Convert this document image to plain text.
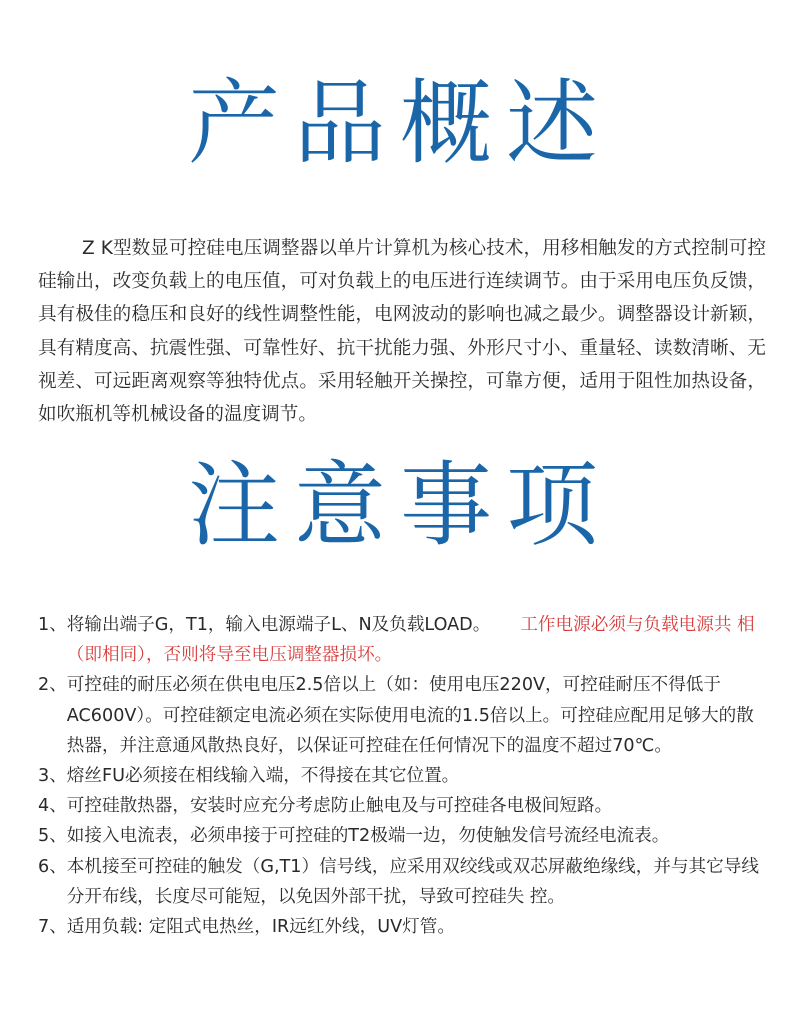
产品概述

Z K型数显可控硅电压调整器以单片计算机为核心技术，用移相触发的方式控制可控硅输出，改变负载上的电压值，可对负载上的电压进行连续调节。由于采用电压负反馈，具有极佳的稳压和良好的线性调整性能，电网波动的影响也减之最少。调整器设计新颖，具有精度高、抗震性强、可靠性好、抗干扰能力强、外形尺寸小、重量轻、读数清晰、无视差、可远距离观察等独特优点。采用轻触开关操控，可靠方便，适用于阻性加热设备，如吹瓶机等机械设备的温度调节。

注意事项
1、 将输出端子G，T1，输入电源端子L、N及负载LOAD。 工作电源必须与负载电源共 相（即相同），否则将导至电压调整器损坏。
2、 可控硅的耐压必须在供电电压2.5倍以上（如：使用电压220V，可控硅耐压不得低于AC600V）。可控硅额定电流必须在实际使用电流的1.5倍以上。可控硅应配用足够大的散热器，并注意通风散热良好，以保证可控硅在任何情况下的温度不超过70℃。
3、 熔丝FU必须接在相线输入端，不得接在其它位置。
4、 可控硅散热器，安装时应充分考虑防止触电及与可控硅各电极间短路。
5、 如接入电流表，必须串接于可控硅的T2极端一边，勿使触发信号流经电流表。
6、 本机接至可控硅的触发（G,T1）信号线，应采用双绞线或双芯屏蔽绝缘线，并与其它导线分开布线，长度尽可能短，以免因外部干扰，导致可控硅失 控。
7、 适用负载: 定阻式电热丝，IR远红外线，UV灯管。
